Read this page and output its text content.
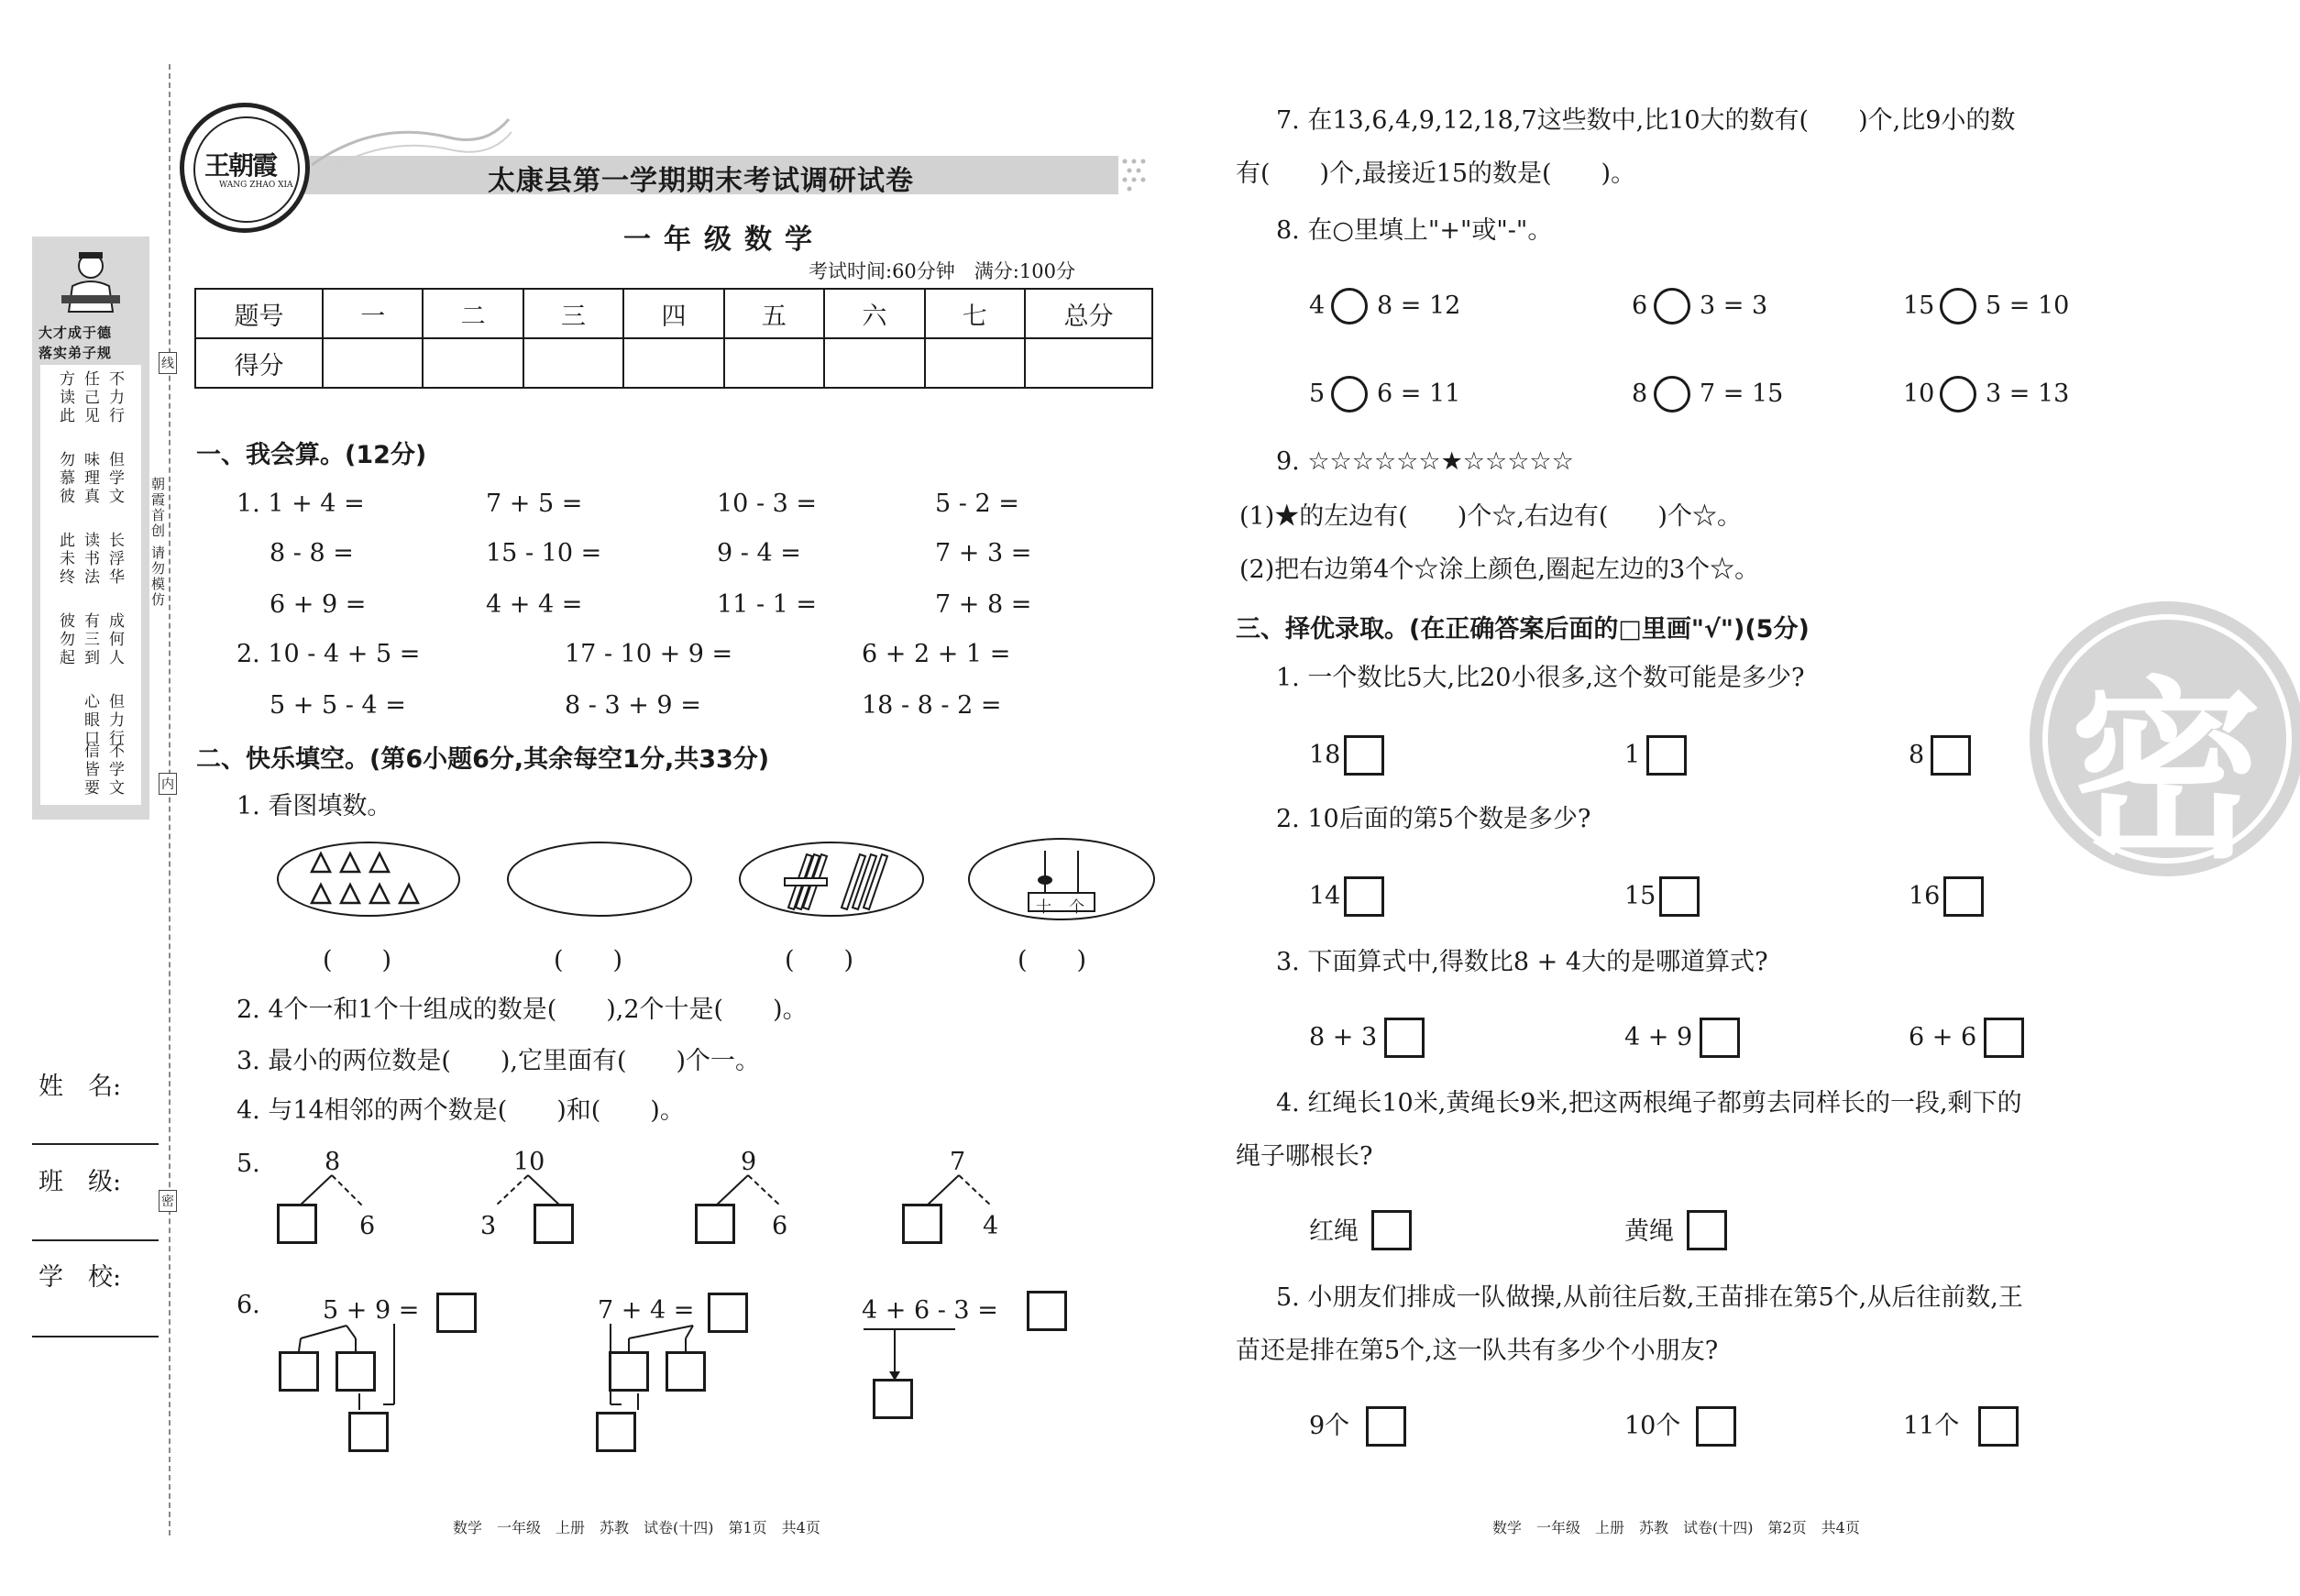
大才成于德
落实弟子规
方读此
勿慕彼
此未终
彼勿起
任己见
味理真
读书法
有三到
不力行
但学文
长浮华
成何人
心眼口
信皆要
但力行
不学文
线
内
密
朝霞首创 请勿模仿
姓　名:
班　级:
学　校:
王朝霞
WANG ZHAO XIA	太康县第一学期期末考试调研试卷
一年级数学
考试时间:60分钟　满分:100分
题号	一	二	三	四	五	六	七	总分
得分								
一、我会算。(12分)
1. 1 + 4 =	7 + 5 =	10 - 3 =	5 - 2 =
8 - 8 =	15 - 10 =	9 - 4 =	7 + 3 =
6 + 9 =	4 + 4 =	11 - 1 =	7 + 8 =
2. 10 - 4 + 5 =	17 - 10 + 9 =	6 + 2 + 1 =
5 + 5 - 4 =	8 - 3 + 9 =	18 - 8 - 2 =
二、快乐填空。(第6小题6分,其余每空1分,共33分)
1. 看图填数。
十 个
(　　)	(　　)	(　　)	(　　)
2. 4个一和1个十组成的数是(　　),2个十是(　　)。
3. 最小的两位数是(　　),它里面有(　　)个一。
4. 与14相邻的两个数是(　　)和(　　)。
5.	8
6
10
3
9
6
7
4
6.	5 + 9 =	7 + 4 =	4 + 6 - 3 =
数学　一年级　上册　苏教　试卷(十四)　第1页　共4页
7. 在13,6,4,9,12,18,7这些数中,比10大的数有(　　)个,比9小的数
有(　　)个,最接近15的数是(　　)。
8. 在○里填上"+"或"-"。
4 8 = 12	6 3 = 3	15 5 = 10
5 6 = 11	8 7 = 15	10 3 = 13
9. ☆☆☆☆☆☆★☆☆☆☆☆
(1)★的左边有(　　)个☆,右边有(　　)个☆。
(2)把右边第4个☆涂上颜色,圈起左边的3个☆。
三、择优录取。(在正确答案后面的□里画"√")(5分)
1. 一个数比5大,比20小很多,这个数可能是多少?
18	1	8
2. 10后面的第5个数是多少?
14	15	16
3. 下面算式中,得数比8 + 4大的是哪道算式?
8 + 3	4 + 9	6 + 6
4. 红绳长10米,黄绳长9米,把这两根绳子都剪去同样长的一段,剩下的
绳子哪根长?
红绳	黄绳
5. 小朋友们排成一队做操,从前往后数,王苗排在第5个,从后往前数,王
苗还是排在第5个,这一队共有多少个小朋友?
9个	10个	11个
密
数学　一年级　上册　苏教　试卷(十四)　第2页　共4页
